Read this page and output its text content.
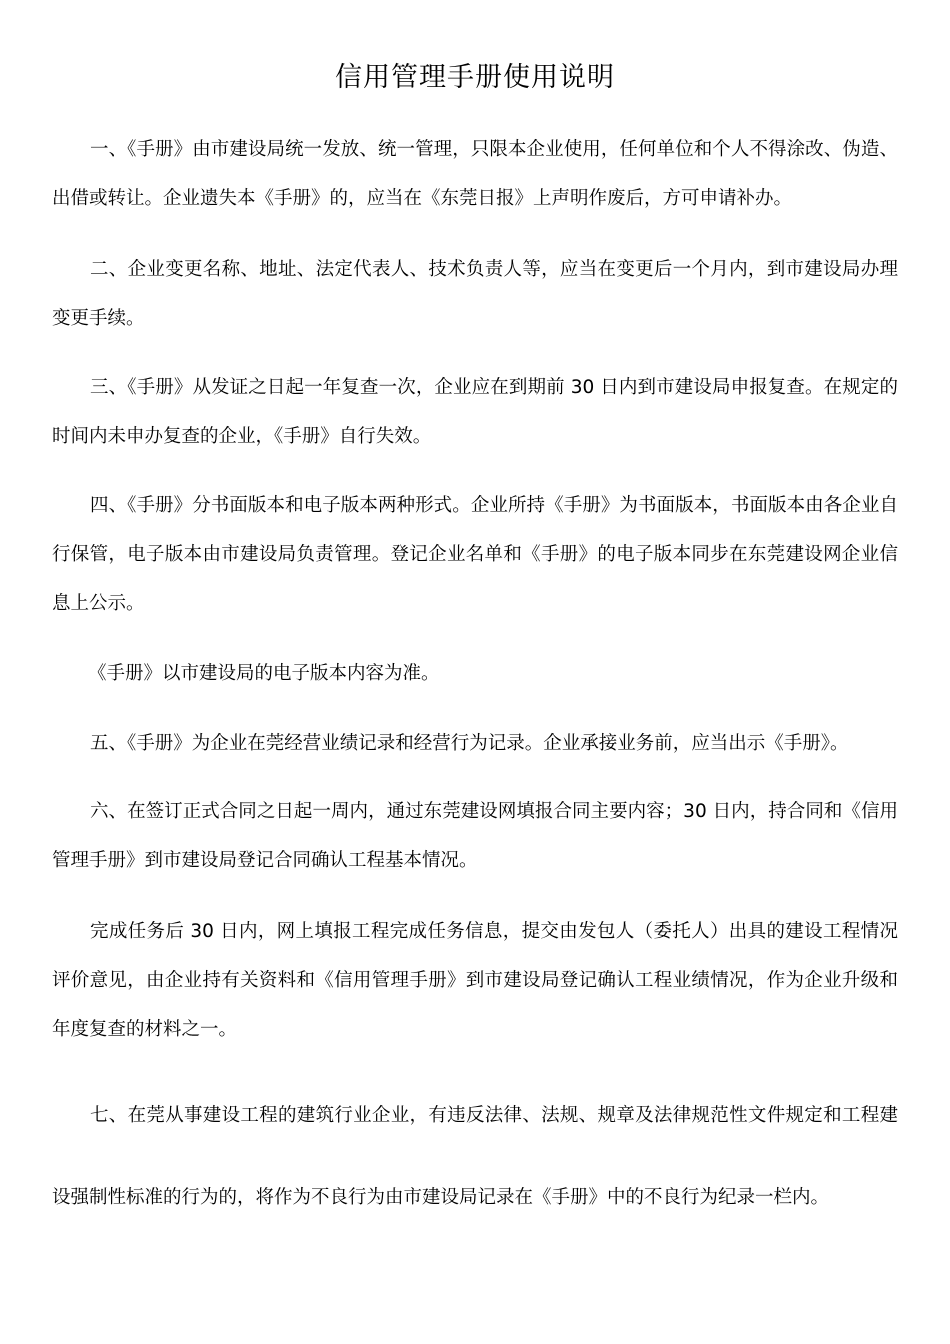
信用管理手册使用说明

一、《手册》由市建设局统一发放、统一管理，只限本企业使用，任何单位和个人不得涂改、伪造、出借或转让。企业遗失本《手册》的，应当在《东莞日报》上声明作废后，方可申请补办。

二、企业变更名称、地址、法定代表人、技术负责人等，应当在变更后一个月内，到市建设局办理变更手续。

三、《手册》从发证之日起一年复查一次，企业应在到期前 30 日内到市建设局申报复查。在规定的时间内未申办复查的企业，《手册》自行失效。

四、《手册》分书面版本和电子版本两种形式。企业所持《手册》为书面版本，书面版本由各企业自行保管，电子版本由市建设局负责管理。登记企业名单和《手册》的电子版本同步在东莞建设网企业信息上公示。

《手册》以市建设局的电子版本内容为准。

五、《手册》为企业在莞经营业绩记录和经营行为记录。企业承接业务前，应当出示《手册》。

六、在签订正式合同之日起一周内，通过东莞建设网填报合同主要内容；30 日内，持合同和《信用管理手册》到市建设局登记合同确认工程基本情况。

完成任务后 30 日内，网上填报工程完成任务信息，提交由发包人（委托人）出具的建设工程情况评价意见，由企业持有关资料和《信用管理手册》到市建设局登记确认工程业绩情况，作为企业升级和年度复查的材料之一。

七、在莞从事建设工程的建筑行业企业，有违反法律、法规、规章及法律规范性文件规定和工程建设强制性标准的行为的，将作为不良行为由市建设局记录在《手册》中的不良行为纪录一栏内。
